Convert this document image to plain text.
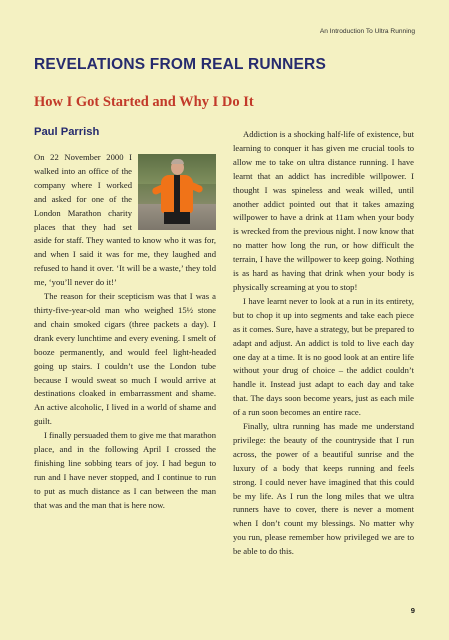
An Introduction To Ultra Running
REVELATIONS FROM REAL RUNNERS
How I Got Started and Why I Do It
Paul Parrish

On 22 November 2000 I walked into an office of the company where I worked and asked for one of the London Marathon charity places that they had set aside for staff. They wanted to know who it was for, and when I said it was for me, they laughed and refused to hand it over. ‘It will be a waste,’ they told me, ‘you’ll never do it!’

The reason for their scepticism was that I was a thirty-five-year-old man who weighed 15½ stone and chain smoked cigars (three packets a day). I drank every lunchtime and every evening. I smelt of booze permanently, and would feel light-headed going up stairs. I couldn’t use the London tube because I would sweat so much I would arrive at destinations cloaked in embarrassment and shame. An active alcoholic, I lived in a world of shame and guilt.

I finally persuaded them to give me that marathon place, and in the following April I crossed the finishing line sobbing tears of joy. I had begun to run and I have never stopped, and I continue to run to put as much distance as I can between the man that was and the man that is here now.

Addiction is a shocking half-life of existence, but learning to conquer it has given me crucial tools to allow me to take on ultra distance running. I have learnt that an addict has incredible willpower. I thought I was spineless and weak willed, until another addict pointed out that it takes amazing willpower to have a drink at 11am when your body is wrecked from the previous night. I now know that no matter how long the run, or how difficult the terrain, I have the willpower to keep going. Nothing is as hard as having that drink when your body is physically screaming at you to stop!

I have learnt never to look at a run in its entirety, but to chop it up into segments and take each piece as it comes. Sure, have a strategy, but be prepared to adapt and adjust. An addict is told to live each day one day at a time. It is no good look at an entire life without your drug of choice – the addict couldn’t handle it. Instead just adapt to each day and take that. The days soon become years, just as each mile of a run soon becomes an entire race.

Finally, ultra running has made me understand privilege: the beauty of the countryside that I run across, the power of a beautiful sunrise and the luxury of a body that keeps running and feels strong. I could never have imagined that this could be my life. As I run the long miles that we ultra runners have to cover, there is never a moment when I don’t count my blessings. No matter why you run, please remember how privileged we are to be able to do this.

9
